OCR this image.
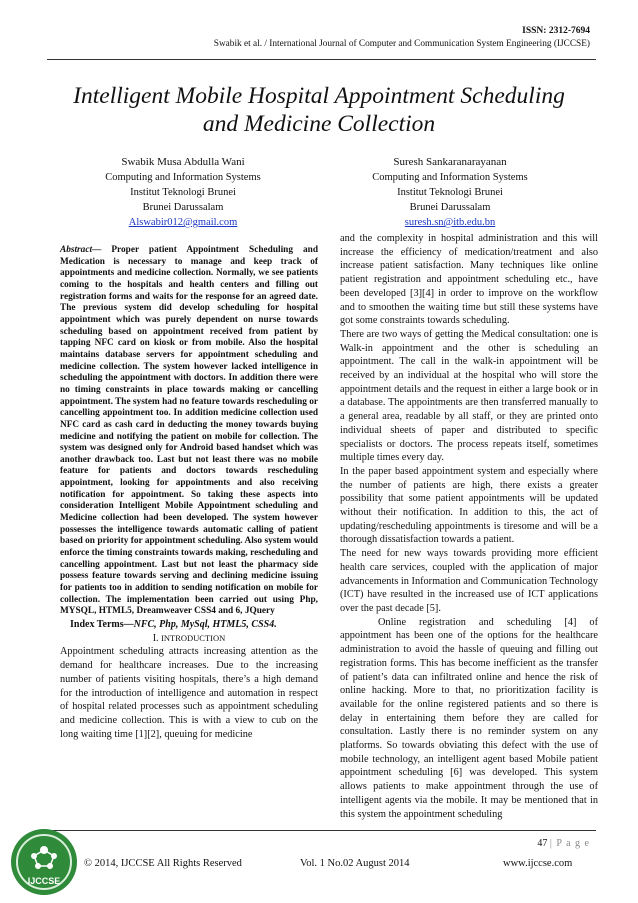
ISSN: 2312-7694
Swabik et al. / International Journal of Computer and Communication System Engineering (IJCCSE)
Intelligent Mobile Hospital Appointment Scheduling
and Medicine Collection
Swabik Musa Abdulla Wani
Computing and Information Systems
Institut Teknologi Brunei
Brunei Darussalam
Alswabir012@gmail.com
Suresh Sankaranarayanan
Computing and Information Systems
Institut Teknologi Brunei
Brunei Darussalam
suresh.sn@itb.edu.bn

Abstract— Proper patient Appointment Scheduling and Medication is necessary to manage and keep track of appointments and medicine collection. Normally, we see patients coming to the hospitals and health centers and filling out registration forms and waits for the response for an agreed date. The previous system did develop scheduling for hospital appointment which was purely dependent on nurse towards scheduling based on appointment received from patient by tapping NFC card on kiosk or from mobile. Also the hospital maintains database servers for appointment scheduling and medicine collection. The system however lacked intelligence in scheduling the appointment with doctors. In addition there were no timing constraints in place towards making or cancelling appointment. The system had no feature towards rescheduling or cancelling appointment too. In addition medicine collection used NFC card as cash card in deducting the money towards buying medicine and notifying the patient on mobile for collection. The system was designed only for Android based handset which was another drawback too. Last but not least there was no mobile feature for patients and doctors towards rescheduling appointment, looking for appointments and also receiving notification for appointment. So taking these aspects into consideration Intelligent Mobile Appointment scheduling and Medicine collection had been developed. The system however possesses the intelligence towards automatic calling of patient based on priority for appointment scheduling. Also system would enforce the timing constraints towards making, rescheduling and cancelling appointment. Last but not least the pharmacy side possess feature towards serving and declining medicine issuing for patients too in addition to sending notification on mobile for collection. The implementation been carried out using Php, MYSQL, HTML5, Dreamweaver CSS4 and 6, JQuery

Index Terms—NFC, Php, MySql, HTML5, CSS4.

I. INTRODUCTION

Appointment scheduling attracts increasing attention as the demand for healthcare increases. Due to the increasing number of patients visiting hospitals, there’s a high demand for the introduction of intelligence and automation in respect of hospital related processes such as appointment scheduling and medicine collection. This is with a view to cub on the long waiting time [1][2], queuing for medicine

and the complexity in hospital administration and this will increase the efficiency of medication/treatment and also increase patient satisfaction. Many techniques like online patient registration and appointment scheduling etc., have been developed [3][4] in order to improve on the workflow and to smoothen the waiting time but still these systems have got some constraints towards scheduling.

There are two ways of getting the Medical consultation: one is Walk-in appointment and the other is scheduling an appointment. The call in the walk-in appointment will be received by an individual at the hospital who will store the appointment details and the request in either a large book or in a database. The appointments are then transferred manually to a general area, readable by all staff, or they are printed onto individual sheets of paper and distributed to specific specialists or doctors. The process repeats itself, sometimes multiple times every day.

In the paper based appointment system and especially where the number of patients are high, there exists a greater possibility that some patient appointments will be updated without their notification. In addition to this, the act of updating/rescheduling appointments is tiresome and will be a thorough dissatisfaction towards a patient.

The need for new ways towards providing more efficient health care services, coupled with the application of major advancements in Information and Communication Technology (ICT) have resulted in the increased use of ICT applications over the past decade [5].

Online registration and scheduling [4] of appointment has been one of the options for the healthcare administration to avoid the hassle of queuing and filling out registration forms. This has become inefficient as the transfer of patient’s data can infiltrated online and hence the risk of online hacking. More to that, no prioritization facility is available for the online registered patients and so there is delay in entertaining them before they are called for consultation. Lastly there is no reminder system on any platforms. So towards obviating this defect with the use of mobile technology, an intelligent agent based Mobile patient appointment scheduling [6] was developed. This system allows patients to make appointment through the use of intelligent agents via the mobile. It may be mentioned that in this system the appointment scheduling

47 | P a g e
IJCCSE
© 2014, IJCCSE All Rights Reserved	Vol. 1 No.02 August 2014	www.ijccse.com
